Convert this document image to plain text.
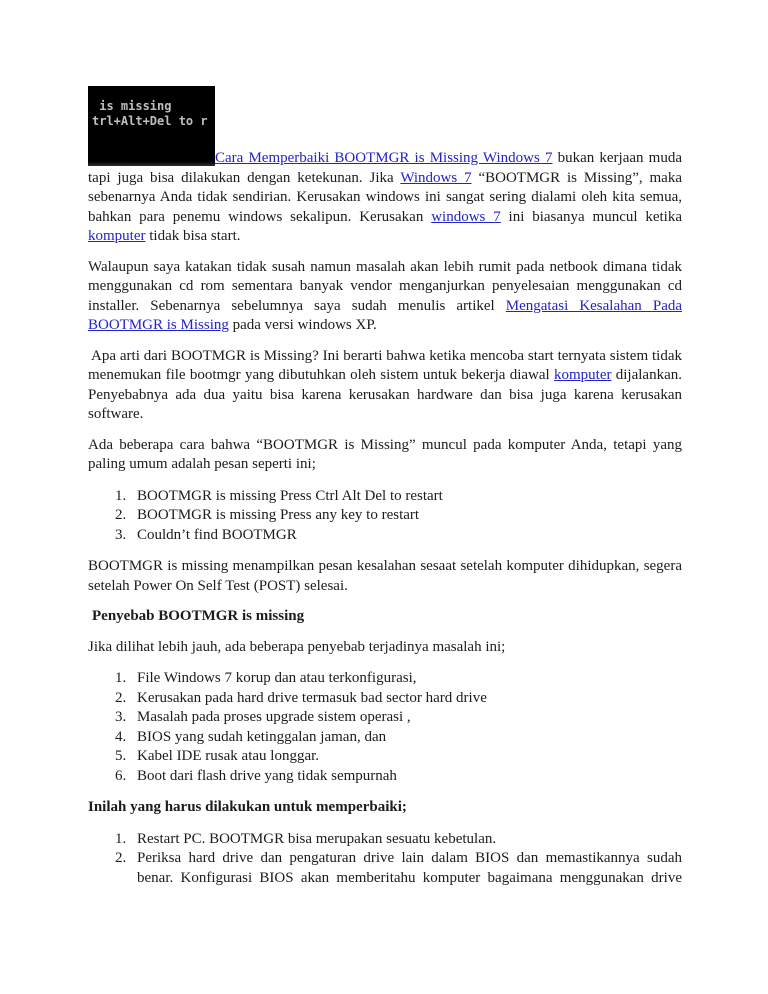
is missing
trl+Alt+Del to r
Cara Memperbaiki BOOTMGR is Missing Windows 7 bukan kerjaan muda tapi juga bisa dilakukan dengan ketekunan. Jika Windows 7 “BOOTMGR is Missing”, maka sebenarnya Anda tidak sendirian. Kerusakan windows ini sangat sering dialami oleh kita semua, bahkan para penemu windows sekalipun. Kerusakan windows 7 ini biasanya muncul ketika komputer tidak bisa start.

Walaupun saya katakan tidak susah namun masalah akan lebih rumit pada netbook dimana tidak menggunakan cd rom sementara banyak vendor menganjurkan penyelesaian menggunakan cd installer. Sebenarnya sebelumnya saya sudah menulis artikel Mengatasi Kesalahan Pada BOOTMGR is Missing pada versi windows XP.

Apa arti dari BOOTMGR is Missing? Ini berarti bahwa ketika mencoba start ternyata sistem tidak menemukan file bootmgr yang dibutuhkan oleh sistem untuk bekerja diawal komputer dijalankan. Penyebabnya ada dua yaitu bisa karena kerusakan hardware dan bisa juga karena kerusakan software.

Ada beberapa cara bahwa “BOOTMGR is Missing” muncul pada komputer Anda, tetapi yang paling umum adalah pesan seperti ini;

BOOTMGR is missing Press Ctrl Alt Del to restart
BOOTMGR is missing Press any key to restart
Couldn’t find BOOTMGR

BOOTMGR is missing menampilkan pesan kesalahan sesaat setelah komputer dihidupkan, segera setelah Power On Self Test (POST) selesai.

Penyebab BOOTMGR is missing

Jika dilihat lebih jauh, ada beberapa penyebab terjadinya masalah ini;

File Windows 7 korup dan atau terkonfigurasi,
Kerusakan pada hard drive termasuk bad sector hard drive
Masalah pada proses upgrade sistem operasi ,
BIOS yang sudah ketinggalan jaman, dan
Kabel IDE rusak atau longgar.
Boot dari flash drive yang tidak sempurnah

Inilah yang harus dilakukan untuk memperbaiki;

Restart PC. BOOTMGR bisa merupakan sesuatu kebetulan.
Periksa hard drive dan pengaturan drive lain dalam BIOS dan memastikannya sudah benar. Konfigurasi BIOS akan memberitahu komputer bagaimana menggunakan drive
